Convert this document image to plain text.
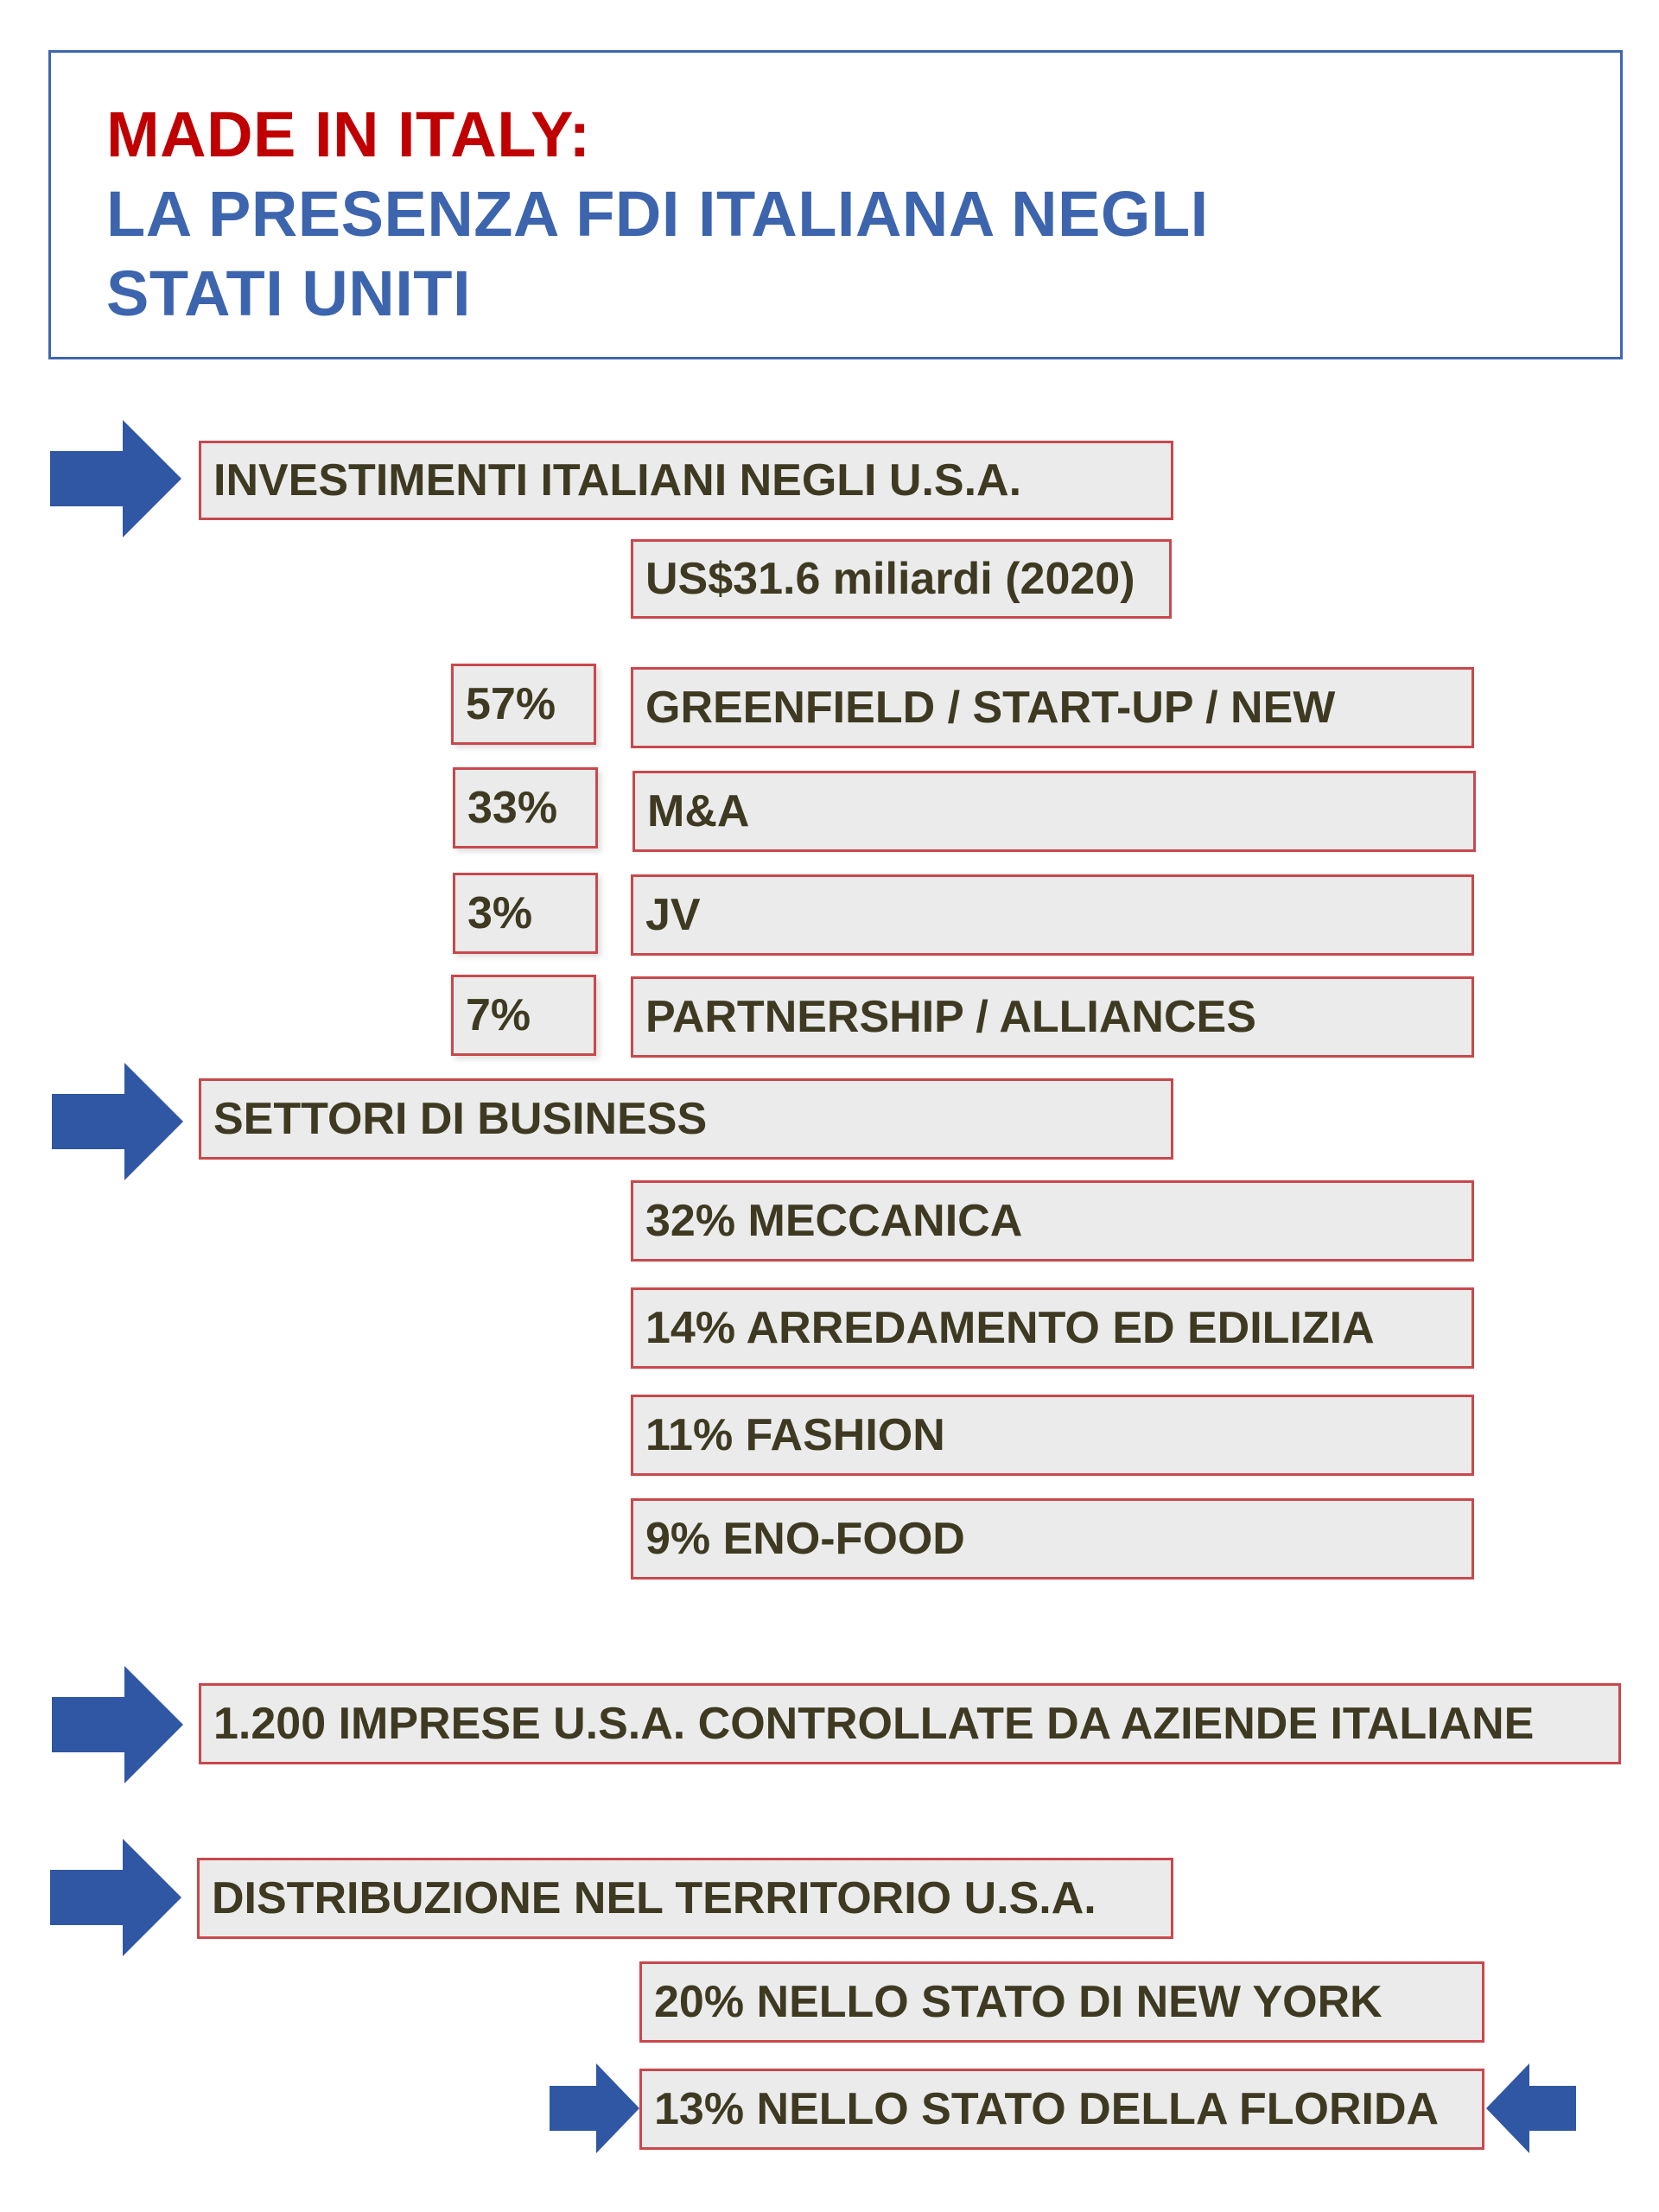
MADE IN ITALY:
LA PRESENZA FDI ITALIANA NEGLI
STATI UNITI
INVESTIMENTI ITALIANI NEGLI U.S.A.
US$31.6 miliardi (2020)
57%	GREENFIELD / START-UP / NEW
33%	M&A
3%	JV
7%	PARTNERSHIP / ALLIANCES
SETTORI DI BUSINESS
32% MECCANICA
14% ARREDAMENTO ED EDILIZIA
11% FASHION
9% ENO-FOOD
1.200 IMPRESE U.S.A. CONTROLLATE DA AZIENDE ITALIANE
DISTRIBUZIONE NEL TERRITORIO U.S.A.
20% NELLO STATO DI NEW YORK
13% NELLO STATO DELLA FLORIDA
